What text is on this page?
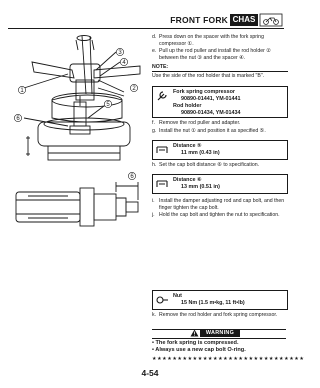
FRONT FORK CHAS
1	2
3
4
5
6
6
d. Press down on the spacer with the fork spring compressor ①.
e. Pull up the rod puller and install the rod holder ② between the nut ③ and the spacer ④.
NOTE:
Use the side of the rod holder that is marked "B".
Fork spring compressor
90890-01441, YM-01441
Rod holder
90890-01434, YM-01434
f. Remove the rod puller and adapter.
g. Install the nut ① and position it as specified ⑤.
Distance ⑤
11 mm (0.43 in)
h. Set the cap bolt distance ⑥ to specification.
Distance ⑥
13 mm (0.51 in)
i. Install the damper adjusting rod and cap bolt, and then finger tighten the cap bolt.
j. Hold the cap bolt and tighten the nut to specification.
Nut
15 Nm (1.5 m•kg, 11 ft•lb)
k. Remove the rod holder and fork spring compressor.
WARNING
• The fork spring is compressed.
• Always use a new cap bolt O-ring.
★★★★★★★★★★★★★★★★★★★★★★★★★★★★★★
4-54
